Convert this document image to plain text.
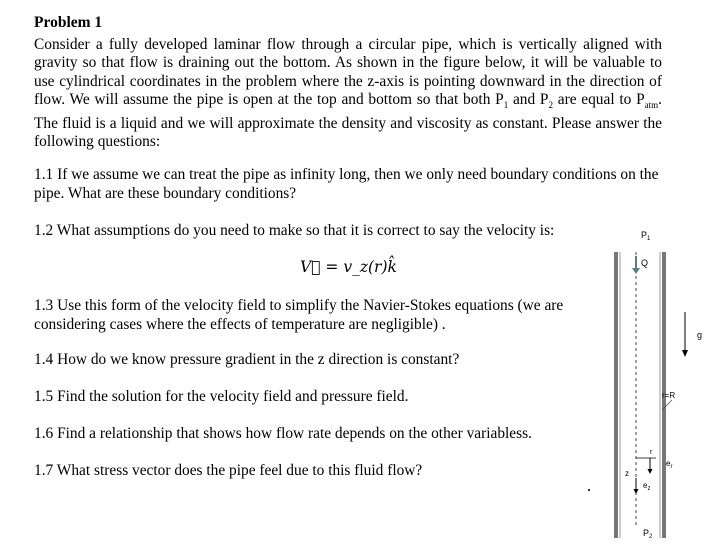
Problem 1
Consider a fully developed laminar flow through a circular pipe, which is vertically aligned with gravity so that flow is draining out the bottom. As shown in the figure below, it will be valuable to use cylindrical coordinates in the problem where the z-axis is pointing downward in the direction of flow. We will assume the pipe is open at the top and bottom so that both $P_1$ and $P_2$ are equal to $P_{atm}$. The fluid is a liquid and we will approximate the density and viscosity as constant. Please answer the following questions:
1.1 If we assume we can treat the pipe as infinity long, then we only need boundary conditions on the pipe. What are these boundary conditions?
1.2 What assumptions do you need to make so that it is correct to say the velocity is:
V⃗ = v_z(r)k̂
1.3 Use this form of the velocity field to simplify the Navier-Stokes equations (we are considering cases where the effects of temperature are negligible) .
1.4 How do we know pressure gradient in the z direction is constant?
1.5 Find the solution for the velocity field and pressure field.
1.6 Find a relationship that shows how flow rate depends on the other variabless.
1.7 What stress vector does the pipe feel due to this fluid flow?
$P_1$
Q
g
r=R
r
$e_r$
z
$e_z$
$P_2$
